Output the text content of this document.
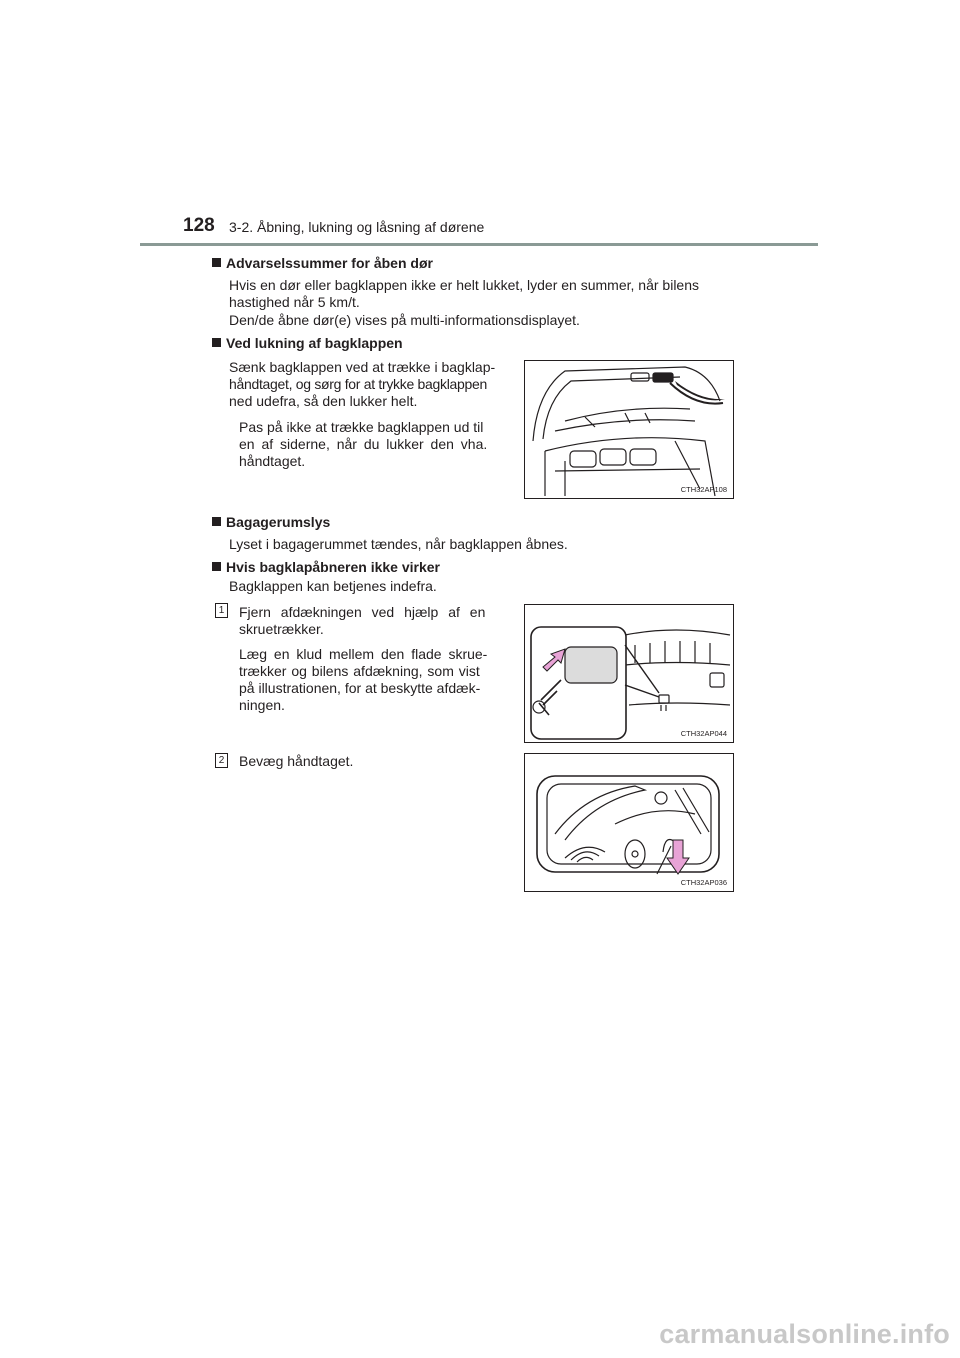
128 3-2. Åbning, lukning og låsning af dørene
Advarselssummer for åben dør
Hvis en dør eller bagklappen ikke er helt lukket, lyder en summer, når bilens
hastighed når 5 km/t.
Den/de åbne dør(e) vises på multi-informationsdisplayet.
Ved lukning af bagklappen
Sænk bagklappen ved at trække i bagklap-
håndtaget, og sørg for at trykke bagklappen
ned udefra, så den lukker helt.
Pas på ikke at trække bagklappen ud til
en af siderne, når du lukker den vha.
håndtaget.
CTH32AP108
Bagagerumslys
Lyset i bagagerummet tændes, når bagklappen åbnes.
Hvis bagklapåbneren ikke virker
Bagklappen kan betjenes indefra.
1 Fjern afdækningen ved hjælp af en
skruetrækker.
Læg en klud mellem den flade skrue-
trækker og bilens afdækning, som vist
på illustrationen, for at beskytte afdæk-
ningen.
CTH32AP044
2 Bevæg håndtaget.
CTH32AP036
carmanualsonline.info
